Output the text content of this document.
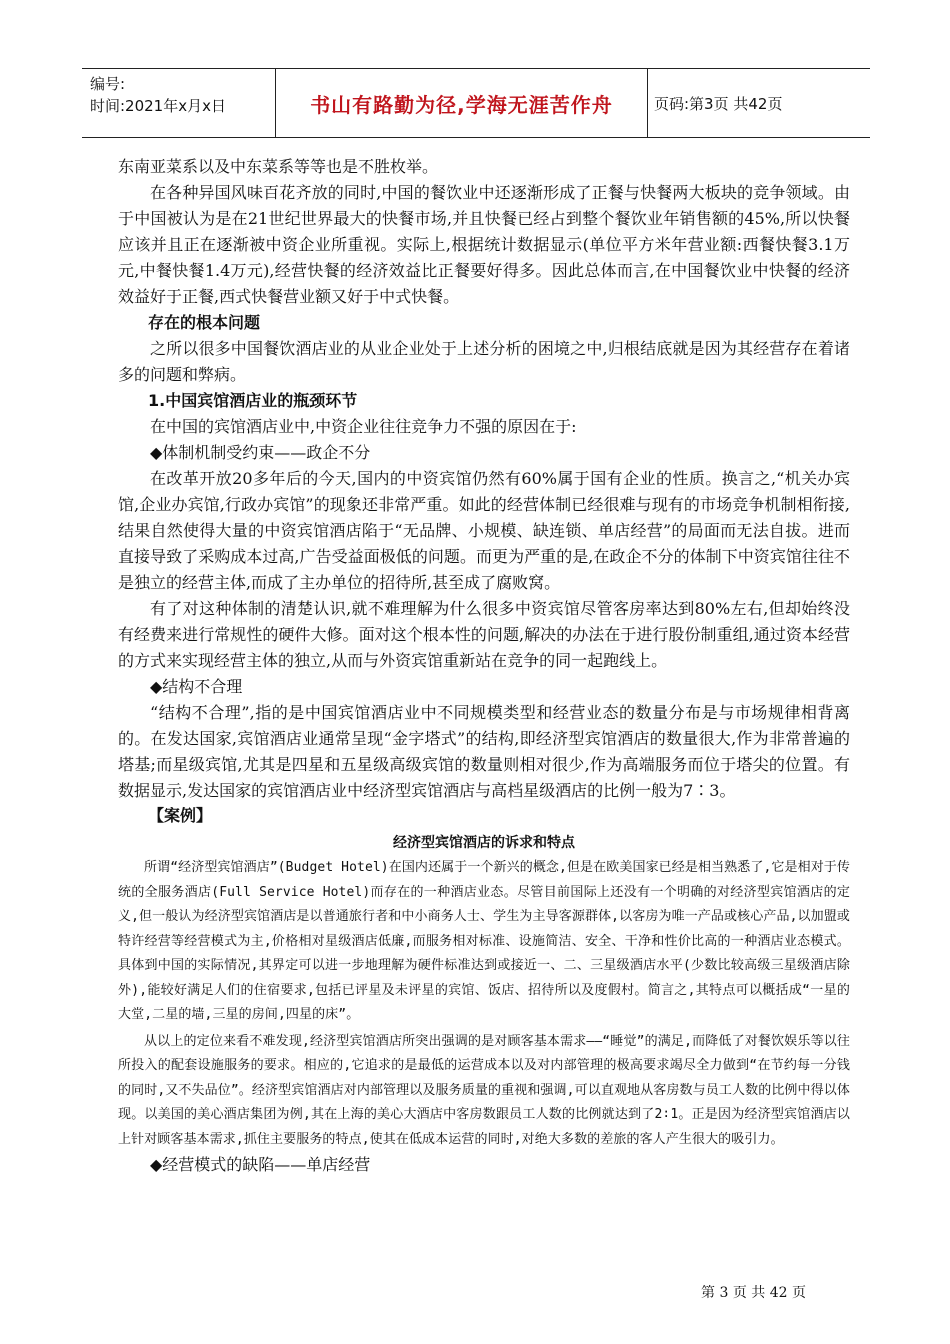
编号:
时间:2021年x月x日	书山有路勤为径,学海无涯苦作舟	页码:第3页 共42页

东南亚菜系以及中东菜系等等也是不胜枚举。

在各种异国风味百花齐放的同时,中国的餐饮业中还逐渐形成了正餐与快餐两大板块的竞争领域。由于中国被认为是在21世纪世界最大的快餐市场,并且快餐已经占到整个餐饮业年销售额的45%,所以快餐应该并且正在逐渐被中资企业所重视。实际上,根据统计数据显示(单位平方米年营业额:西餐快餐3.1万元,中餐快餐1.4万元),经营快餐的经济效益比正餐要好得多。因此总体而言,在中国餐饮业中快餐的经济效益好于正餐,西式快餐营业额又好于中式快餐。

存在的根本问题

之所以很多中国餐饮酒店业的从业企业处于上述分析的困境之中,归根结底就是因为其经营存在着诸多的问题和弊病。

1.中国宾馆酒店业的瓶颈环节

在中国的宾馆酒店业中,中资企业往往竞争力不强的原因在于:

◆体制机制受约束——政企不分

在改革开放20多年后的今天,国内的中资宾馆仍然有60%属于国有企业的性质。换言之,“机关办宾馆,企业办宾馆,行政办宾馆”的现象还非常严重。如此的经营体制已经很难与现有的市场竞争机制相衔接,结果自然使得大量的中资宾馆酒店陷于“无品牌、小规模、缺连锁、单店经营”的局面而无法自拔。进而直接导致了采购成本过高,广告受益面极低的问题。而更为严重的是,在政企不分的体制下中资宾馆往往不是独立的经营主体,而成了主办单位的招待所,甚至成了腐败窝。

有了对这种体制的清楚认识,就不难理解为什么很多中资宾馆尽管客房率达到80%左右,但却始终没有经费来进行常规性的硬件大修。面对这个根本性的问题,解决的办法在于进行股份制重组,通过资本经营的方式来实现经营主体的独立,从而与外资宾馆重新站在竞争的同一起跑线上。

◆结构不合理

“结构不合理”,指的是中国宾馆酒店业中不同规模类型和经营业态的数量分布是与市场规律相背离的。在发达国家,宾馆酒店业通常呈现“金字塔式”的结构,即经济型宾馆酒店的数量很大,作为非常普遍的塔基;而星级宾馆,尤其是四星和五星级高级宾馆的数量则相对很少,作为高端服务而位于塔尖的位置。有数据显示,发达国家的宾馆酒店业中经济型宾馆酒店与高档星级酒店的比例一般为7∶3。

【案例】

经济型宾馆酒店的诉求和特点

所谓“经济型宾馆酒店”(Budget Hotel)在国内还属于一个新兴的概念,但是在欧美国家已经是相当熟悉了,它是相对于传统的全服务酒店(Full Service Hotel)而存在的一种酒店业态。尽管目前国际上还没有一个明确的对经济型宾馆酒店的定义,但一般认为经济型宾馆酒店是以普通旅行者和中小商务人士、学生为主导客源群体,以客房为唯一产品或核心产品,以加盟或特许经营等经营模式为主,价格相对星级酒店低廉,而服务相对标准、设施简洁、安全、干净和性价比高的一种酒店业态模式。具体到中国的实际情况,其界定可以进一步地理解为硬件标准达到或接近一、二、三星级酒店水平(少数比较高级三星级酒店除外),能较好满足人们的住宿要求,包括已评星及未评星的宾馆、饭店、招待所以及度假村。简言之,其特点可以概括成“一星的大堂,二星的墙,三星的房间,四星的床”。

从以上的定位来看不难发现,经济型宾馆酒店所突出强调的是对顾客基本需求——“睡觉”的满足,而降低了对餐饮娱乐等以往所投入的配套设施服务的要求。相应的,它追求的是最低的运营成本以及对内部管理的极高要求竭尽全力做到“在节约每一分钱的同时,又不失品位”。经济型宾馆酒店对内部管理以及服务质量的重视和强调,可以直观地从客房数与员工人数的比例中得以体现。以美国的美心酒店集团为例,其在上海的美心大酒店中客房数跟员工人数的比例就达到了2∶1。正是因为经济型宾馆酒店以上针对顾客基本需求,抓住主要服务的特点,使其在低成本运营的同时,对绝大多数的差旅的客人产生很大的吸引力。

◆经营模式的缺陷——单店经营

第 3 页 共 42 页
